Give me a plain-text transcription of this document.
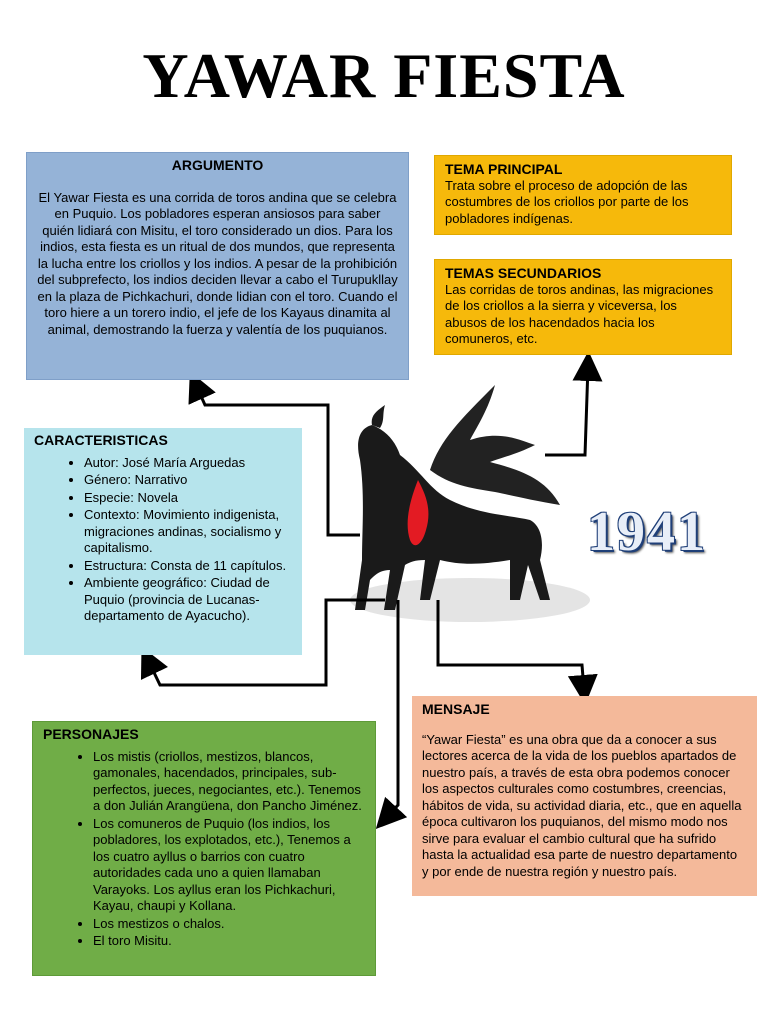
YAWAR FIESTA
ARGUMENTO
El Yawar Fiesta es una corrida de toros andina que se celebra en Puquio. Los pobladores esperan ansiosos para saber quién lidiará con Misitu, el toro considerado un dios. Para los indios, esta fiesta es un ritual de dos mundos, que representa la lucha entre los criollos y los indios. A pesar de la prohibición del subprefecto, los indios deciden llevar a cabo el Turupukllay en la plaza de Pichkachuri, donde lidian con el toro. Cuando el toro hiere a un torero indio, el jefe de los Kayaus dinamita al animal, demostrando la fuerza y valentía de los puquianos.
TEMA PRINCIPAL
Trata sobre el proceso de adopción de las costumbres de los criollos por parte de los pobladores indígenas.
TEMAS SECUNDARIOS
Las corridas de toros andinas, las migraciones de los criollos a la sierra y viceversa, los abusos de los hacendados hacia los comuneros, etc.
CARACTERISTICAS
• Autor: José María Arguedas
• Género: Narrativo
• Especie: Novela
• Contexto: Movimiento indigenista, migraciones andinas, socialismo y capitalismo.
• Estructura: Consta de 11 capítulos.
• Ambiente geográfico: Ciudad de Puquio (provincia de Lucanas-departamento de Ayacucho).
1941
PERSONAJES
• Los mistis (criollos, mestizos, blancos, gamonales, hacendados, principales, sub-perfectos, jueces, negociantes, etc.). Tenemos a don Julián Arangüena, don Pancho Jiménez.
• Los comuneros de Puquio (los indios, los pobladores, los explotados, etc.), Tenemos a los cuatro ayllus o barrios con cuatro autoridades cada uno a quien llamaban Varayoks. Los ayllus eran los Pichkachuri, Kayau, chaupi y Kollana.
• Los mestizos o chalos.
• El toro Misitu.
MENSAJE
“Yawar Fiesta” es una obra que da a conocer a sus lectores acerca de la vida de los pueblos apartados de nuestro país, a través de esta obra podemos conocer los aspectos culturales como costumbres, creencias, hábitos de vida, su actividad diaria, etc., que en aquella época cultivaron los puquianos, del mismo modo nos sirve para evaluar el cambio cultural que ha sufrido hasta la actualidad esa parte de nuestro departamento y por ende de nuestra región y nuestro país.
